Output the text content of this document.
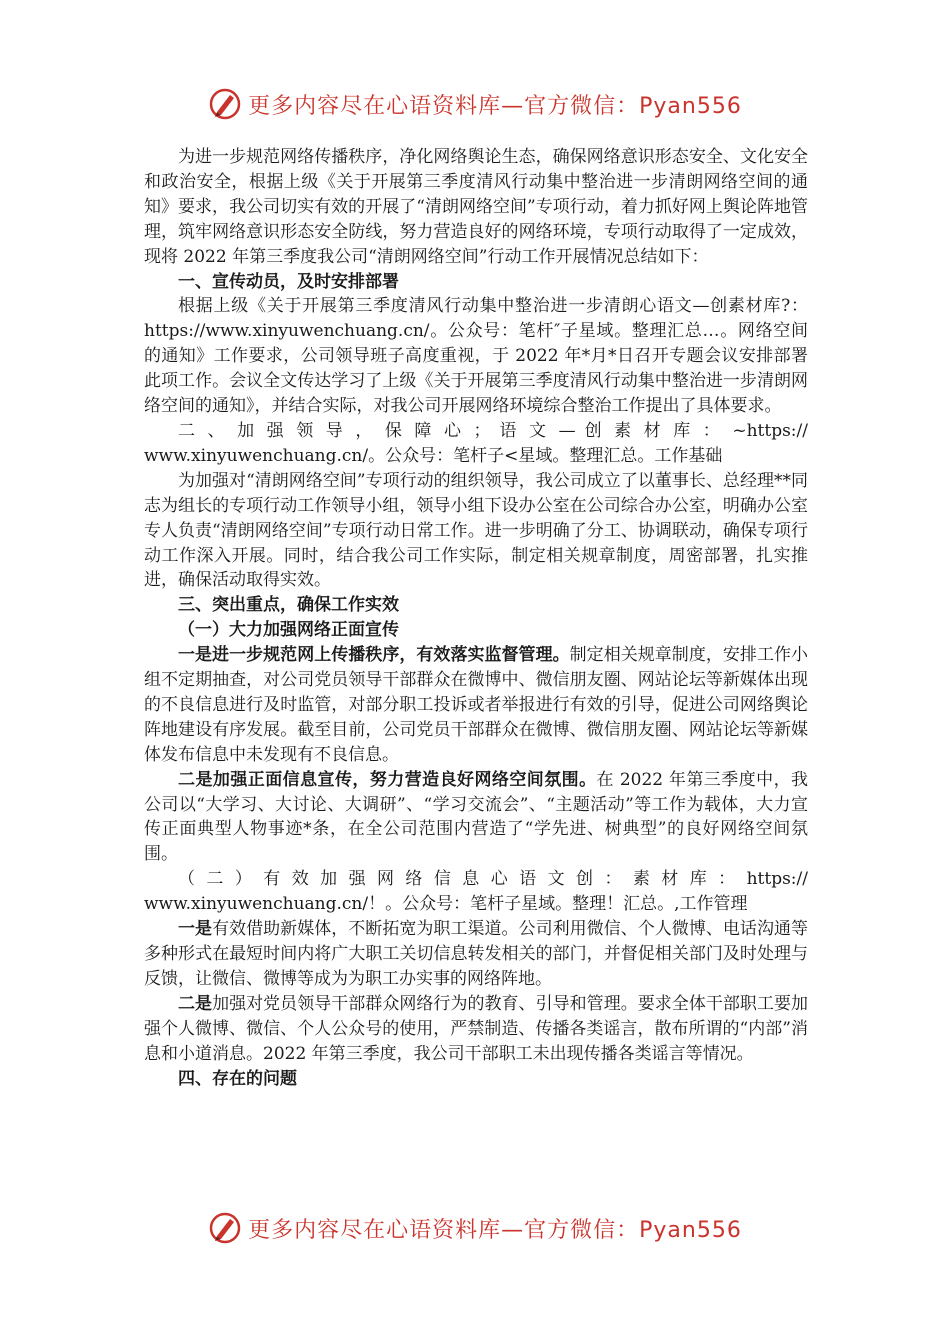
更多内容尽在心语资料库—官方微信：Pyan556

为进一步规范网络传播秩序，净化网络舆论生态，确保网络意识形态安全、文化安全和政治安全，根据上级《关于开展第三季度清风行动集中整治进一步清朗网络空间的通知》要求，我公司切实有效的开展了“清朗网络空间”专项行动，着力抓好网上舆论阵地管理，筑牢网络意识形态安全防线，努力营造良好的网络环境，专项行动取得了一定成效，现将 2022 年第三季度我公司“清朗网络空间”行动工作开展情况总结如下：

一、宣传动员，及时安排部署

根据上级《关于开展第三季度清风行动集中整治进一步清朗心语文—创素材库?：https://www.xinyuwenchuang.cn/。公众号：笔杆″子星域。整理汇总…。网络空间的通知》工作要求，公司领导班子高度重视，于 2022 年*月*日召开专题会议安排部署此项工作。会议全文传达学习了上级《关于开展第三季度清风行动集中整治进一步清朗网络空间的通知》，并结合实际，对我公司开展网络环境综合整治工作提出了具体要求。

二 、 加 强 领 导 ， 保 障 心 ； 语 文 — 创 素 材 库 ： ~https://

www.xinyuwenchuang.cn/。公众号：笔杆子<星域。整理汇总。工作基础

为加强对“清朗网络空间”专项行动的组织领导，我公司成立了以董事长、总经理**同志为组长的专项行动工作领导小组，领导小组下设办公室在公司综合办公室，明确办公室专人负责“清朗网络空间”专项行动日常工作。进一步明确了分工、协调联动，确保专项行动工作深入开展。同时，结合我公司工作实际，制定相关规章制度，周密部署，扎实推进，确保活动取得实效。

三、突出重点，确保工作实效

（一）大力加强网络正面宣传

一是进一步规范网上传播秩序，有效落实监督管理。制定相关规章制度，安排工作小组不定期抽查，对公司党员领导干部群众在微博中、微信朋友圈、网站论坛等新媒体出现的不良信息进行及时监管，对部分职工投诉或者举报进行有效的引导，促进公司网络舆论阵地建设有序发展。截至目前，公司党员干部群众在微博、微信朋友圈、网站论坛等新媒体发布信息中未发现有不良信息。

二是加强正面信息宣传，努力营造良好网络空间氛围。在 2022 年第三季度中，我公司以“大学习、大讨论、大调研”、“学习交流会”、“主题活动”等工作为载体，大力宣传正面典型人物事迹*条，在全公司范围内营造了“学先进、树典型”的良好网络空间氛围。

（ 二 ） 有 效 加 强 网 络 信 息 心 语 文 创 ： 素 材 库 ： https://

www.xinyuwenchuang.cn/！。公众号：笔杆子星域。整理！汇总。,工作管理

一是有效借助新媒体，不断拓宽为职工渠道。公司利用微信、个人微博、电话沟通等多种形式在最短时间内将广大职工关切信息转发相关的部门，并督促相关部门及时处理与反馈，让微信、微博等成为为职工办实事的网络阵地。

二是加强对党员领导干部群众网络行为的教育、引导和管理。要求全体干部职工要加强个人微博、微信、个人公众号的使用，严禁制造、传播各类谣言，散布所谓的“内部”消息和小道消息。2022 年第三季度，我公司干部职工未出现传播各类谣言等情况。

四、存在的问题

更多内容尽在心语资料库—官方微信：Pyan556
